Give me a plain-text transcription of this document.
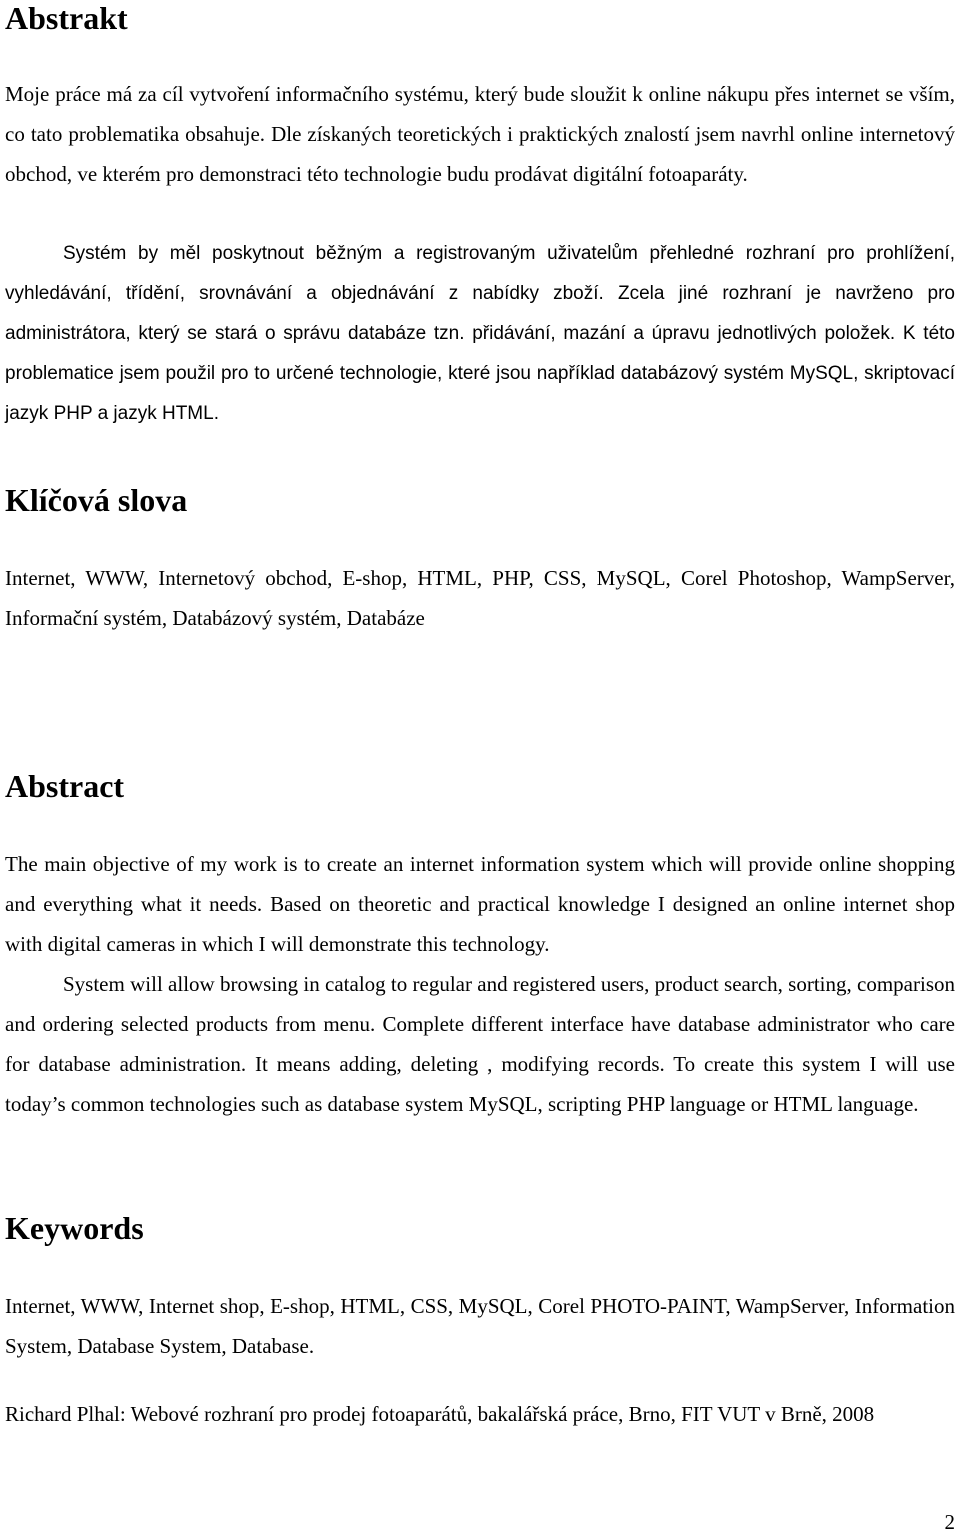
Abstrakt

Moje práce má za cíl vytvoření informačního systému, který bude sloužit k online nákupu přes internet se vším, co tato problematika obsahuje. Dle získaných teoretických i praktických znalostí jsem navrhl online internetový obchod, ve kterém pro demonstraci této technologie budu prodávat digitální fotoaparáty.

Systém by měl poskytnout běžným a registrovaným uživatelům přehledné rozhraní pro prohlížení, vyhledávání, třídění, srovnávání a objednávání z nabídky zboží. Zcela jiné rozhraní je navrženo pro administrátora, který se stará o správu databáze tzn. přidávání, mazání a úpravu jednotlivých položek. K této problematice jsem použil pro to určené technologie, které jsou například databázový systém MySQL, skriptovací jazyk PHP a jazyk HTML.

Klíčová slova

Internet, WWW, Internetový obchod, E-shop, HTML, PHP, CSS, MySQL, Corel Photoshop, WampServer, Informační systém, Databázový systém, Databáze

Abstract

The main objective of my work is to create an internet information system which will provide online shopping and everything what it needs. Based on theoretic and practical knowledge I designed an online internet shop with digital cameras in which I will demonstrate this technology.

System will allow browsing in catalog to regular and registered users, product search, sorting, comparison and ordering selected products from menu. Complete different interface have database administrator who care for database administration. It means adding, deleting , modifying records. To create this system I will use today’s common technologies such as database system MySQL, scripting PHP language or HTML language.

Keywords

Internet, WWW, Internet shop, E-shop, HTML, CSS, MySQL, Corel PHOTO-PAINT, WampServer, Information System, Database System, Database.

Richard Plhal: Webové rozhraní pro prodej fotoaparátů, bakalářská práce, Brno, FIT VUT v Brně, 2008

2
